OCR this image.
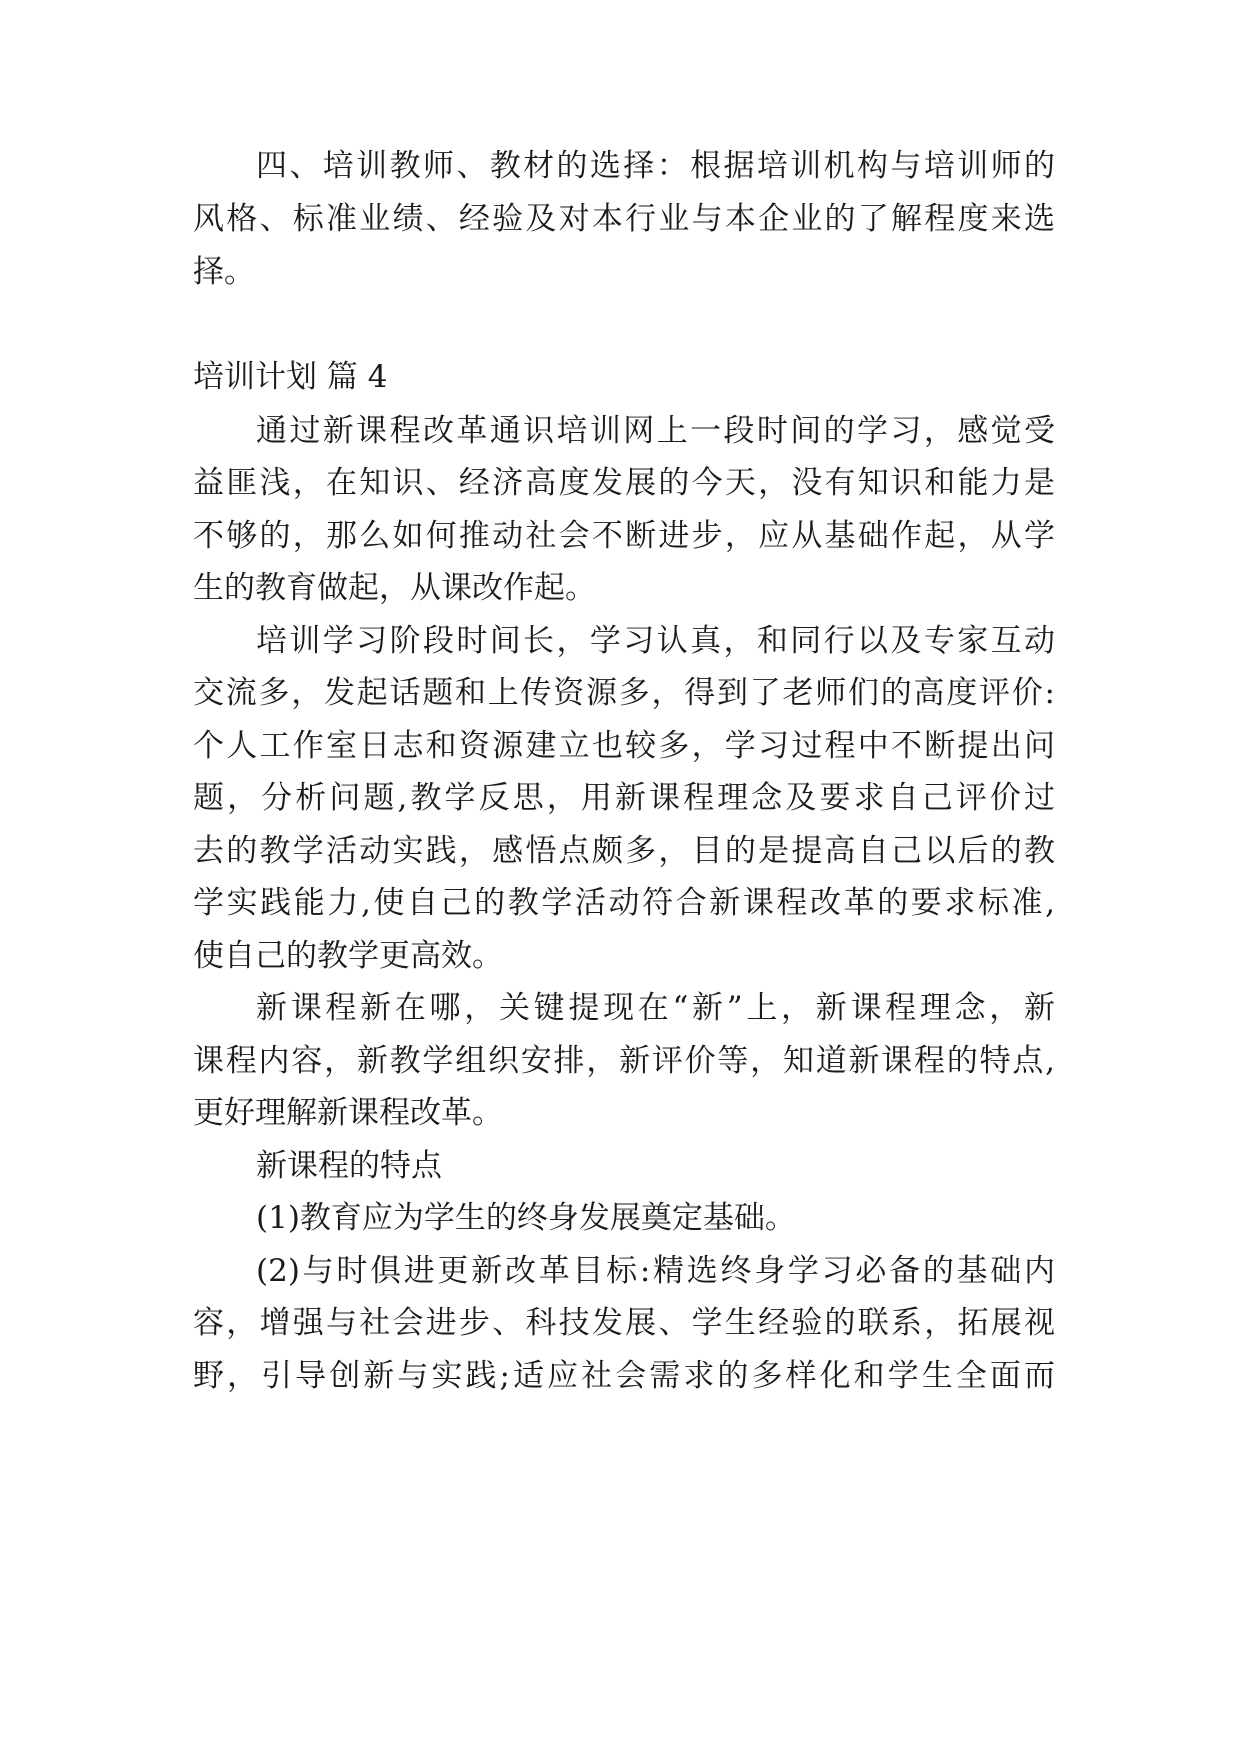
四、培训教师、教材的选择：根据培训机构与培训师的
风格、标准业绩、经验及对本行业与本企业的了解程度来选
择。
培训计划 篇 4
通过新课程改革通识培训网上一段时间的学习，感觉受
益匪浅，在知识、经济高度发展的今天，没有知识和能力是
不够的，那么如何推动社会不断进步，应从基础作起，从学
生的教育做起，从课改作起。
培训学习阶段时间长，学习认真，和同行以及专家互动
交流多，发起话题和上传资源多，得到了老师们的高度评价:
个人工作室日志和资源建立也较多，学习过程中不断提出问
题，分析问题,教学反思，用新课程理念及要求自己评价过
去的教学活动实践，感悟点颇多，目的是提高自己以后的教
学实践能力,使自己的教学活动符合新课程改革的要求标准,
使自己的教学更高效。
新课程新在哪，关键提现在“新”上，新课程理念，新
课程内容，新教学组织安排，新评价等，知道新课程的特点,
更好理解新课程改革。
新课程的特点
(1)教育应为学生的终身发展奠定基础。
(2)与时俱进更新改革目标:精选终身学习必备的基础内
容，增强与社会进步、科技发展、学生经验的联系，拓展视
野，引导创新与实践;适应社会需求的多样化和学生全面而
